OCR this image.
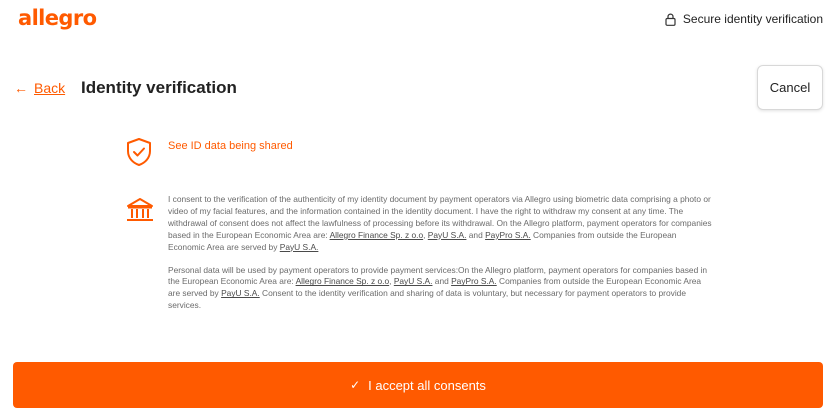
allegro	Secure identity verification
← Back Identity verification	Cancel
See ID data being shared

I consent to the verification of the authenticity of my identity document by payment operators via Allegro using biometric data comprising a photo or video of my facial features, and the information contained in the identity document. I have the right to withdraw my consent at any time. The withdrawal of consent does not affect the lawfulness of processing before its withdrawal. On the Allegro platform, payment operators for companies based in the European Economic Area are: Allegro Finance Sp. z o.o, PayU S.A. and PayPro S.A. Companies from outside the European Economic Area are served by PayU S.A.

Personal data will be used by payment operators to provide payment services:On the Allegro platform, payment operators for companies based in the European Economic Area are: Allegro Finance Sp. z o.o, PayU S.A. and PayPro S.A. Companies from outside the European Economic Area are served by PayU S.A. Consent to the identity verification and sharing of data is voluntary, but necessary for payment operators to provide services.

✓ I accept all consents
